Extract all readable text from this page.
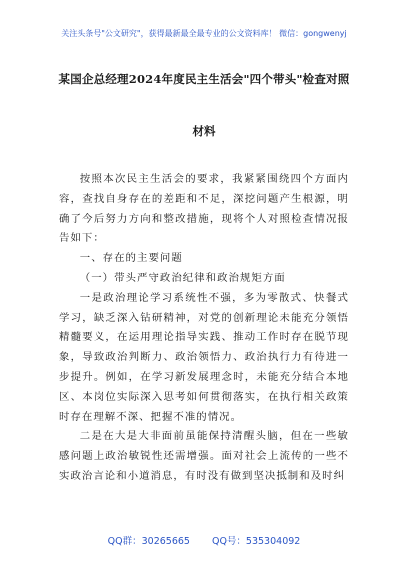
关注头条号"公文研究"，获得最新最全最专业的公文资料库！ 微信：gongwenyj
某国企总经理2024年度民主生活会"四个带头"检查对照
材料

按照本次民主生活会的要求，我紧紧围绕四个方面内容，查找自身存在的差距和不足，深挖问题产生根源，明确了今后努力方向和整改措施，现将个人对照检查情况报告如下：

一、存在的主要问题
（一）带头严守政治纪律和政治规矩方面

一是政治理论学习系统性不强，多为零散式、快餐式学习，缺乏深入钻研精神，对党的创新理论未能充分领悟精髓要义，在运用理论指导实践、推动工作时存在脱节现象，导致政治判断力、政治领悟力、政治执行力有待进一步提升。例如，在学习新发展理念时，未能充分结合本地区、本岗位实际深入思考如何贯彻落实，在执行相关政策时存在理解不深、把握不准的情况。

二是在大是大非面前虽能保持清醒头脑，但在一些敏感问题上政治敏锐性还需增强。面对社会上流传的一些不实政治言论和小道消息，有时没有做到坚决抵制和及时纠

QQ群：30265665 QQ号：535304092
